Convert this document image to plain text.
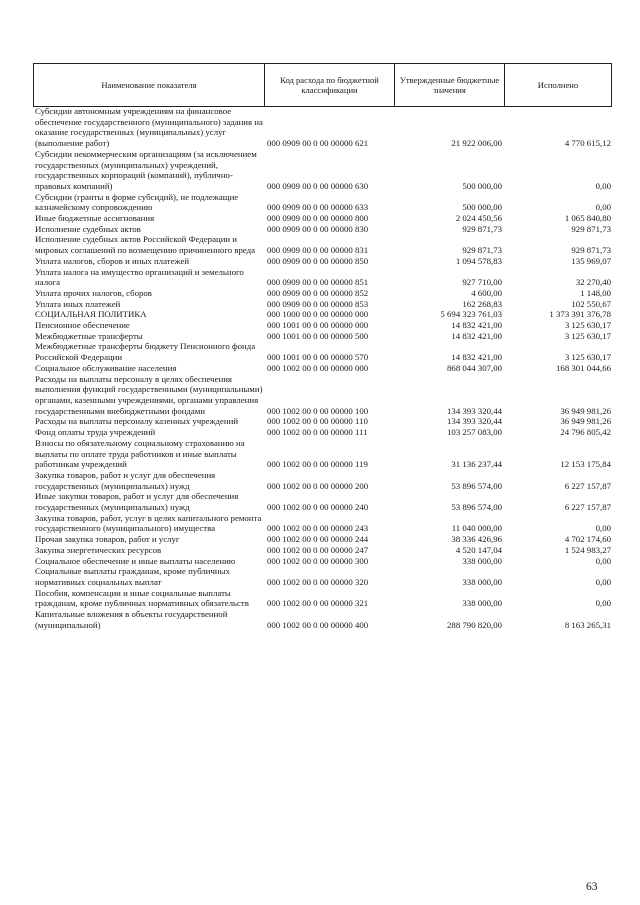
Наименование показателя	Код расхода по бюджетной классификации	Утвержденные бюджетные значения	Исполнено
Субсидии автономным учреждениям на финансовое обеспечение государственного (муниципального) задания на оказание государственных (муниципальных) услуг (выполнение работ)	000 0909 00 0 00 00000 621	21 922 006,00	4 770 615,12
Субсидии некоммерческим организациям (за исключением государственных (муниципальных) учреждений, государственных корпораций (компаний), публично-правовых компаний)	000 0909 00 0 00 00000 630	500 000,00	0,00
Субсидии (гранты в форме субсидий), не подлежащие казначейскому сопровождению	000 0909 00 0 00 00000 633	500 000,00	0,00
Иные бюджетные ассигнования	000 0909 00 0 00 00000 800	2 024 450,56	1 065 840,80
Исполнение судебных актов	000 0909 00 0 00 00000 830	929 871,73	929 871,73
Исполнение судебных актов Российской Федерации и мировых соглашений по возмещению причиненного вреда	000 0909 00 0 00 00000 831	929 871,73	929 871,73
Уплата налогов, сборов и иных платежей	000 0909 00 0 00 00000 850	1 094 578,83	135 969,07
Уплата налога на имущество организаций и земельного налога	000 0909 00 0 00 00000 851	927 710,00	32 270,40
Уплата прочих налогов, сборов	000 0909 00 0 00 00000 852	4 600,00	1 148,00
Уплата иных платежей	000 0909 00 0 00 00000 853	162 268,83	102 550,67
СОЦИАЛЬНАЯ ПОЛИТИКА	000 1000 00 0 00 00000 000	5 694 323 761,03	1 373 391 376,78
Пенсионное обеспечение	000 1001 00 0 00 00000 000	14 832 421,00	3 125 630,17
Межбюджетные трансферты	000 1001 00 0 00 00000 500	14 832 421,00	3 125 630,17
Межбюджетные трансферты бюджету Пенсионного фонда Российской Федерации	000 1001 00 0 00 00000 570	14 832 421,00	3 125 630,17
Социальное обслуживание населения	000 1002 00 0 00 00000 000	868 044 307,00	168 301 044,66
Расходы на выплаты персоналу в целях обеспечения выполнения функций государственными (муниципальными) органами, казенными учреждениями, органами управления государственными внебюджетными фондами	000 1002 00 0 00 00000 100	134 393 320,44	36 949 981,26
Расходы на выплаты персоналу казенных учреждений	000 1002 00 0 00 00000 110	134 393 320,44	36 949 981,26
Фонд оплаты труда учреждений	000 1002 00 0 00 00000 111	103 257 083,00	24 796 805,42
Взносы по обязательному социальному страхованию на выплаты по оплате труда работников и иные выплаты работникам учреждений	000 1002 00 0 00 00000 119	31 136 237,44	12 153 175,84
Закупка товаров, работ и услуг для обеспечения государственных (муниципальных) нужд	000 1002 00 0 00 00000 200	53 896 574,00	6 227 157,87
Иные закупки товаров, работ и услуг для обеспечения государственных (муниципальных) нужд	000 1002 00 0 00 00000 240	53 896 574,00	6 227 157,87
Закупка товаров, работ, услуг в целях капитального ремонта государственного (муниципального) имущества	000 1002 00 0 00 00000 243	11 040 000,00	0,00
Прочая закупка товаров, работ и услуг	000 1002 00 0 00 00000 244	38 336 426,96	4 702 174,60
Закупка энергетических ресурсов	000 1002 00 0 00 00000 247	4 520 147,04	1 524 983,27
Социальное обеспечение и иные выплаты населению	000 1002 00 0 00 00000 300	338 000,00	0,00
Социальные выплаты гражданам, кроме публичных нормативных социальных выплат	000 1002 00 0 00 00000 320	338 000,00	0,00
Пособия, компенсации и иные социальные выплаты гражданам, кроме публичных нормативных обязательств	000 1002 00 0 00 00000 321	338 000,00	0,00
Капитальные вложения в объекты государственной (муниципальной)	000 1002 00 0 00 00000 400	288 790 820,00	8 163 265,31
63
